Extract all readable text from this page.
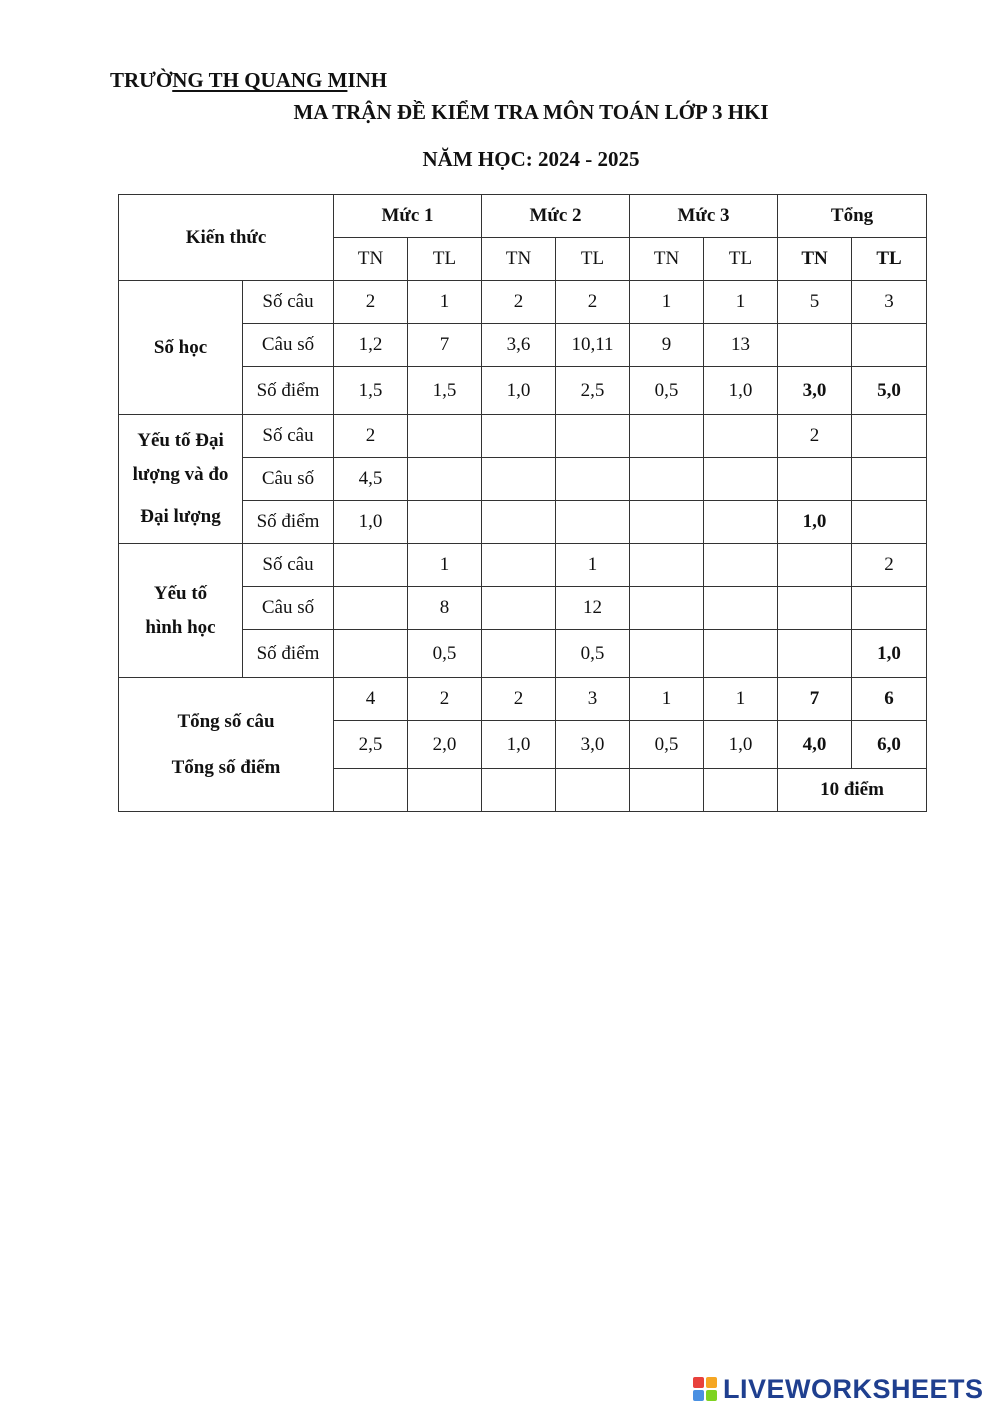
TRƯỜNG TH QUANG MINH
MA TRẬN ĐỀ KIỂM TRA MÔN TOÁN LỚP 3 HKI
NĂM HỌC: 2024 - 2025
Kiến thức		Mức 1		Mức 2		Mức 3		Tổng	
		TN	TL	TN	TL	TN	TL	TN	TL
Số học	Số câu	2	1	2	2	1	1	5	3
	Câu số	1,2	7	3,6	10,11	9	13		
	Số điểm	1,5	1,5	1,0	2,5	0,5	1,0	3,0	5,0

Yếu tố Đại
lượng và đo
Đại lượng	Số câu	2						2	
	Câu số	4,5							
	Số điểm	1,0						1,0	

Yếu tố
hình học	Số câu		1		1				2
	Câu số		8		12				
	Số điểm		0,5		0,5				1,0

Tổng số câu
Tổng số điểm		4	2	2	3	1	1	7	6
		2,5	2,0	1,0	3,0	0,5	1,0	4,0	6,0
								10 điểm	
LIVEWORKSHEETS
